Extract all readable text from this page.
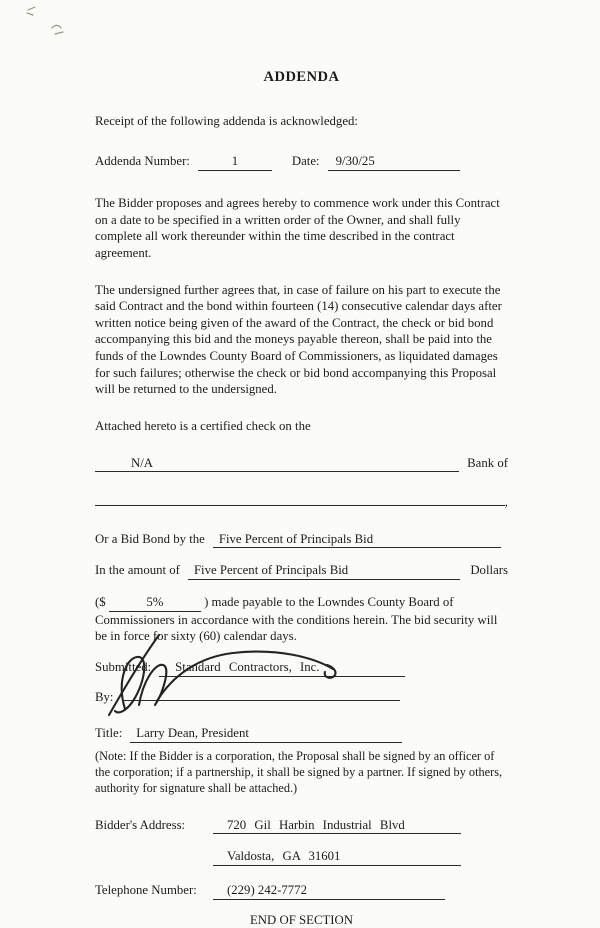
ADDENDA

Receipt of the following addenda is acknowledged:

Addenda Number:	1	Date:	9/30/25

The Bidder proposes and agrees hereby to commence work under this Contract on a date to be specified in a written order of the Owner, and shall fully complete all work thereunder within the time described in the contract agreement.

The undersigned further agrees that, in case of failure on his part to execute the said Contract and the bond within fourteen (14) consecutive calendar days after written notice being given of the award of the Contract, the check or bid bond accompanying this bid and the moneys payable thereon, shall be paid into the funds of the Lowndes County Board of Commissioners, as liquidated damages for such failures; otherwise the check or bid bond accompanying this Proposal will be returned to the undersigned.

Attached hereto is a certified check on the

N/A	Bank of
,
Or a Bid Bond by the	Five Percent of Principals Bid
In the amount of	Five Percent of Principals Bid	Dollars

($	5%	) made payable to the Lowndes County Board of Commissioners in accordance with the conditions herein. The bid security will be in force for sixty (60) calendar days.

Submitted:	Standard Contractors, Inc.
By:
Title:	Larry Dean, President

(Note: If the Bidder is a corporation, the Proposal shall be signed by an officer of the corporation; if a partnership, it shall be signed by a partner. If signed by others, authority for signature shall be attached.)

Bidder's Address:	720 Gil Harbin Industrial Blvd
Valdosta, GA 31601
Telephone Number:	(229) 242-7772

END OF SECTION
